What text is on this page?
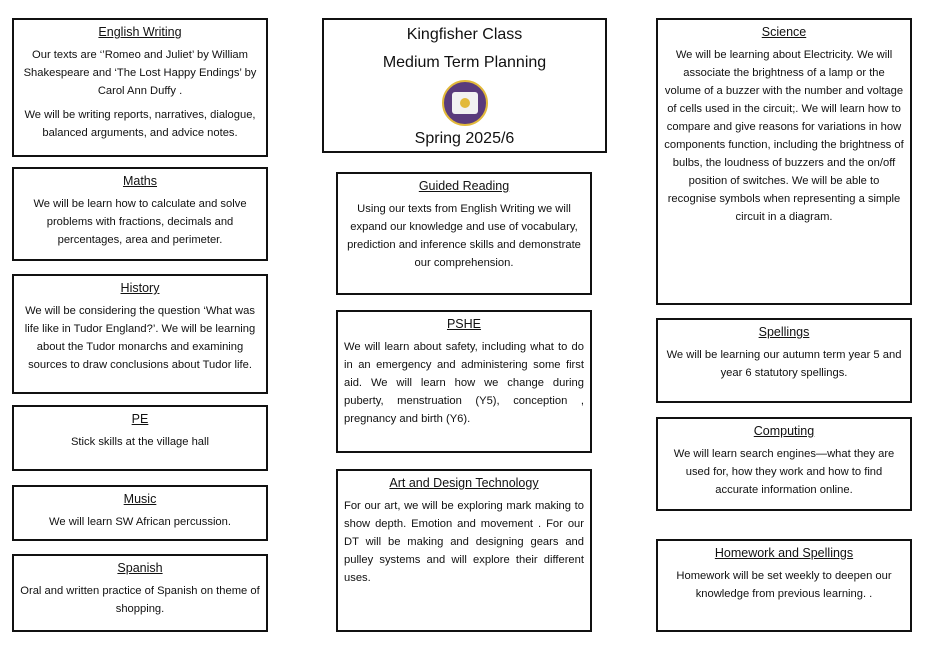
English Writing

Our texts are ‘’Romeo and Juliet’ by William Shakespeare and ‘The Lost Happy Endings’ by Carol Ann Duffy .

We will be writing reports, narratives, dialogue, balanced arguments, and advice notes.

Maths

We will be learn how to calculate and solve problems with fractions, decimals and percentages, area and perimeter.

History

We will be considering the question ‘What was life like in Tudor England?’. We will be learning about the Tudor monarchs and examining sources to draw conclusions about Tudor life.

PE

Stick skills at the village hall

Music

We will learn SW African percussion.

Spanish

Oral and written practice of Spanish on theme of shopping.

Kingfisher Class
Medium Term Planning
Spring 2025/6
Guided Reading

Using our texts from English Writing we will expand our knowledge and use of vocabulary, prediction and inference skills and demonstrate our comprehension.

PSHE

We will learn about safety, including what to do in an emergency and administering some first aid. We will learn how we change during puberty, menstruation (Y5), conception , pregnancy and birth (Y6).

Art and Design Technology

For our art, we will be exploring mark making to show depth. Emotion and movement . For our DT will be making and designing gears and pulley systems and will explore their different uses.

Science

We will be learning about Electricity. We will associate the brightness of a lamp or the volume of a buzzer with the number and voltage of cells used in the circuit;. We will learn how to compare and give reasons for variations in how components function, including the brightness of bulbs, the loudness of buzzers and the on/off position of switches. We will be able to recognise symbols when representing a simple circuit in a diagram.

Spellings

We will be learning our autumn term year 5 and year 6 statutory spellings.

Computing

We will learn search engines—what they are used for, how they work and how to find accurate information online.

Homework and Spellings

Homework will be set weekly to deepen our knowledge from previous learning. .
